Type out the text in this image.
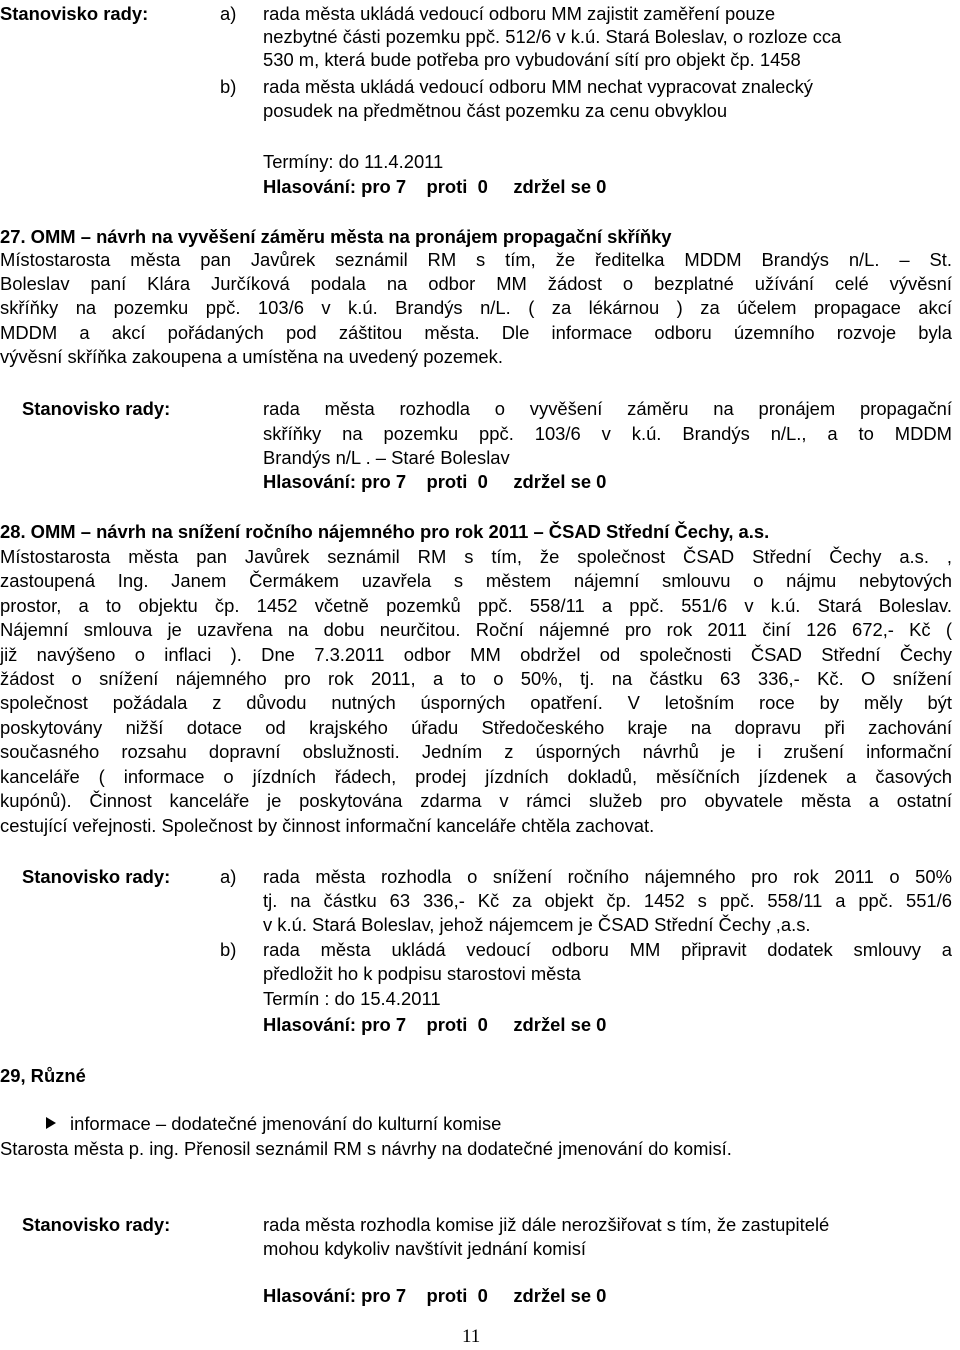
Stanovisko rady:	a) rada města ukládá vedoucí odboru MM zajistit zaměření pouze
nezbytné části pozemku ppč. 512/6 v k.ú. Stará Boleslav, o rozloze cca
530 m, která bude potřeba pro vybudování sítí pro objekt čp. 1458
b) rada města ukládá vedoucí odboru MM nechat vypracovat znalecký
posudek na předmětnou část pozemku za cenu obvyklou
Termíny: do 11.4.2011
Hlasování: pro 7    proti  0     zdržel se 0
27. OMM – návrh na vyvěšení záměru města na pronájem propagační skříňky
Místostarosta města pan Javůrek seznámil RM s tím, že ředitelka MDDM Brandýs n/L. – St.
Boleslav paní Klára Jurčíková podala na odbor MM žádost o bezplatné užívání celé vývěsní
skříňky na pozemku ppč. 103/6 v k.ú. Brandýs n/L. ( za lékárnou ) za účelem propagace akcí
MDDM a akcí pořádaných pod záštitou města. Dle informace odboru územního rozvoje byla
vývěsní skříňka zakoupena a umístěna na uvedený pozemek.
Stanovisko rady:	rada města rozhodla o vyvěšení záměru na pronájem propagační
skříňky na pozemku ppč. 103/6 v k.ú. Brandýs n/L., a to MDDM
Brandýs n/L . – Staré Boleslav
Hlasování: pro 7    proti  0     zdržel se 0
28. OMM – návrh na snížení ročního nájemného pro rok 2011 – ČSAD Střední Čechy, a.s.
Místostarosta města pan Javůrek seznámil RM s tím, že společnost ČSAD Střední Čechy a.s. ,
zastoupená Ing. Janem Čermákem uzavřela s městem nájemní smlouvu o nájmu nebytových
prostor, a to objektu čp. 1452 včetně pozemků ppč. 558/11 a ppč. 551/6 v k.ú. Stará Boleslav.
Nájemní smlouva je uzavřena na dobu neurčitou. Roční nájemné pro rok 2011 činí 126 672,- Kč (
již navýšeno o inflaci ). Dne 7.3.2011 odbor MM obdržel od společnosti ČSAD Střední Čechy
žádost o snížení nájemného pro rok 2011, a to o 50%, tj. na částku 63 336,- Kč. O snížení
společnost požádala z důvodu nutných úsporných opatření. V letošním roce by měly být
poskytovány nižší dotace od krajského úřadu Středočeského kraje na dopravu při zachování
současného rozsahu dopravní obslužnosti. Jedním z úsporných návrhů je i zrušení informační
kanceláře ( informace o jízdních řádech, prodej jízdních dokladů, měsíčních jízdenek a časových
kupónů). Činnost kanceláře je poskytována zdarma v rámci služeb pro obyvatele města a ostatní
cestující veřejnosti. Společnost by činnost informační kanceláře chtěla zachovat.
Stanovisko rady:	a) rada města rozhodla o snížení ročního nájemného pro rok 2011 o 50%
tj. na částku 63 336,- Kč za objekt čp. 1452 s ppč. 558/11 a ppč. 551/6
v k.ú. Stará Boleslav, jehož nájemcem je ČSAD Střední Čechy ,a.s.
b) rada města ukládá vedoucí odboru MM připravit dodatek smlouvy a
předložit ho k podpisu starostovi města
Termín : do 15.4.2011
Hlasování: pro 7    proti  0     zdržel se 0
29, Různé
informace – dodatečné jmenování do kulturní komise
Starosta města p. ing. Přenosil seznámil RM s návrhy na dodatečné jmenování do komisí.
Stanovisko rady:	rada města rozhodla komise již dále nerozšiřovat s tím, že zastupitelé
mohou kdykoliv navštívit jednání komisí
Hlasování: pro 7    proti  0     zdržel se 0
11
